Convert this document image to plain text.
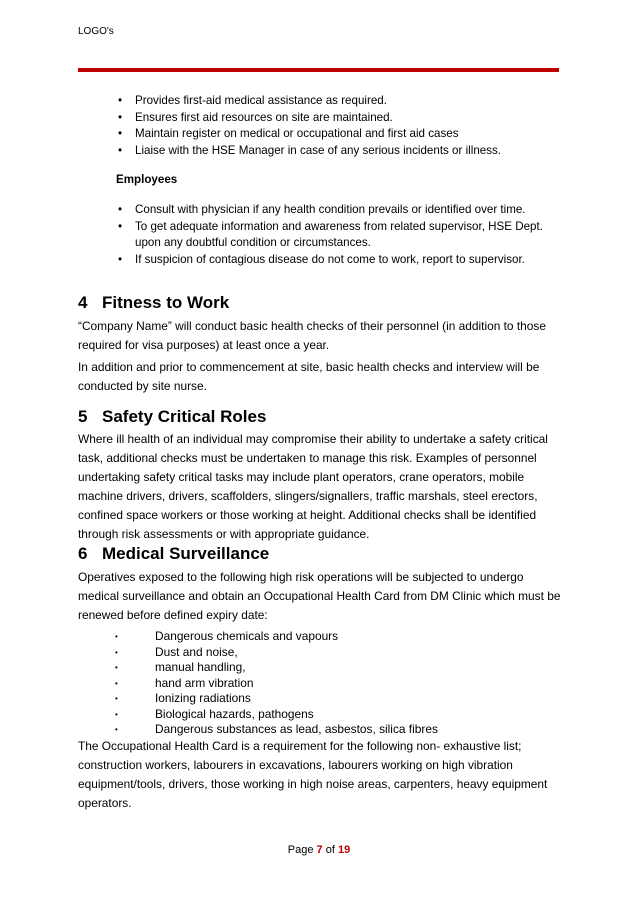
LOGO's
• Provides first-aid medical assistance as required.
• Ensures first aid resources on site are maintained.
• Maintain register on medical or occupational and first aid cases
• Liaise with the HSE Manager in case of any serious incidents or illness.
Employees
• Consult with physician if any health condition prevails or identified over time.
• To get adequate information and awareness from related supervisor, HSE Dept. upon any doubtful condition or circumstances.
• If suspicion of contagious disease do not come to work, report to supervisor.
4 Fitness to Work

“Company Name” will conduct basic health checks of their personnel (in addition to those required for visa purposes) at least once a year.

In addition and prior to commencement at site, basic health checks and interview will be conducted by site nurse.

5 Safety Critical Roles

Where ill health of an individual may compromise their ability to undertake a safety critical task, additional checks must be undertaken to manage this risk. Examples of personnel undertaking safety critical tasks may include plant operators, crane operators, mobile machine drivers, drivers, scaffolders, slingers/signallers, traffic marshals, steel erectors, confined space workers or those working at height. Additional checks shall be identified through risk assessments or with appropriate guidance.

6 Medical Surveillance

Operatives exposed to the following high risk operations will be subjected to undergo medical surveillance and obtain an Occupational Health Card from DM Clinic which must be renewed before defined expiry date:

• Dangerous chemicals and vapours
• Dust and noise,
• manual handling,
• hand arm vibration
• Ionizing radiations
• Biological hazards, pathogens
• Dangerous substances as lead, asbestos, silica fibres

The Occupational Health Card is a requirement for the following non- exhaustive list; construction workers, labourers in excavations, labourers working on high vibration equipment/tools, drivers, those working in high noise areas, carpenters, heavy equipment operators.

Page 7 of 19
